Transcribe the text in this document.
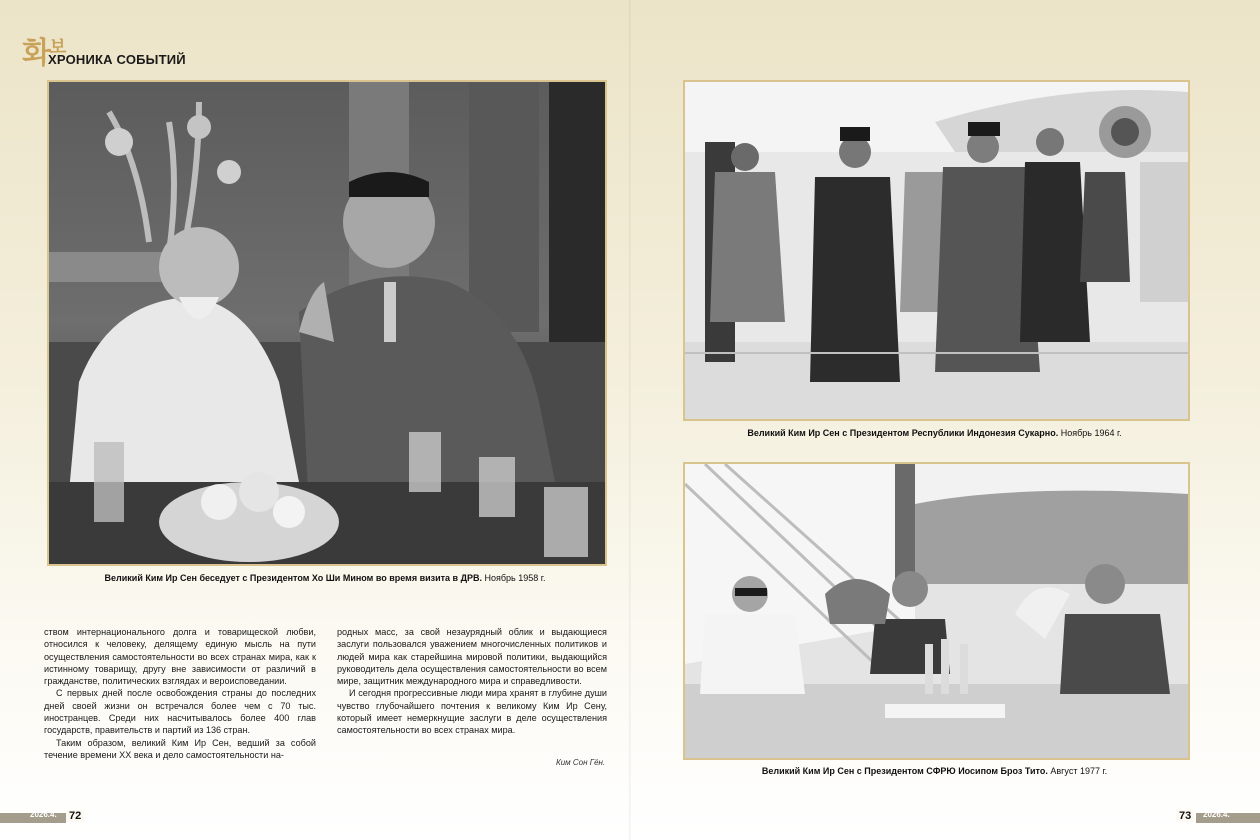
화$^보$
ХРОНИКА СОБЫТИЙ
Великий Ким Ир Сен беседует с Президентом Хо Ши Мином во время визита в ДРВ. Ноябрь 1958 г.

ством интернационального долга и товарищеской любви, относился к человеку, делящему единую мысль на пути осуществления самостоятельности во всех странах мира, как к истинному товарищу, другу вне зависимости от различий в гражданстве, политических взглядах и вероисповедании.

С первых дней после освобождения страны до последних дней своей жизни он встречался более чем с 70 тыс. иностранцев. Среди них насчитывалось более 400 глав государств, правительств и партий из 136 стран.

Таким образом, великий Ким Ир Сен, ведший за собой течение времени XX века и дело самостоятельности на-

родных масс, за свой незаурядный облик и выдающиеся заслуги пользовался уважением многочисленных политиков и людей мира как старейшина мировой политики, выдающийся руководитель дела осуществления самостоятельности во всем мире, защитник международного мира и справедливости.

И сегодня прогрессивные люди мира хранят в глубине души чувство глубочайшего почтения к великому Ким Ир Сену, который имеет немеркнущие заслуги в деле осуществления самостоятельности во всех странах мира.

Ким Сон Гён.
2026.4. 72
Великий Ким Ир Сен с Президентом Республики Индонезия Сукарно. Ноябрь 1964 г.
Великий Ким Ир Сен с Президентом СФРЮ Иосипом Броз Тито. Август 1977 г.
73	2026.4.
